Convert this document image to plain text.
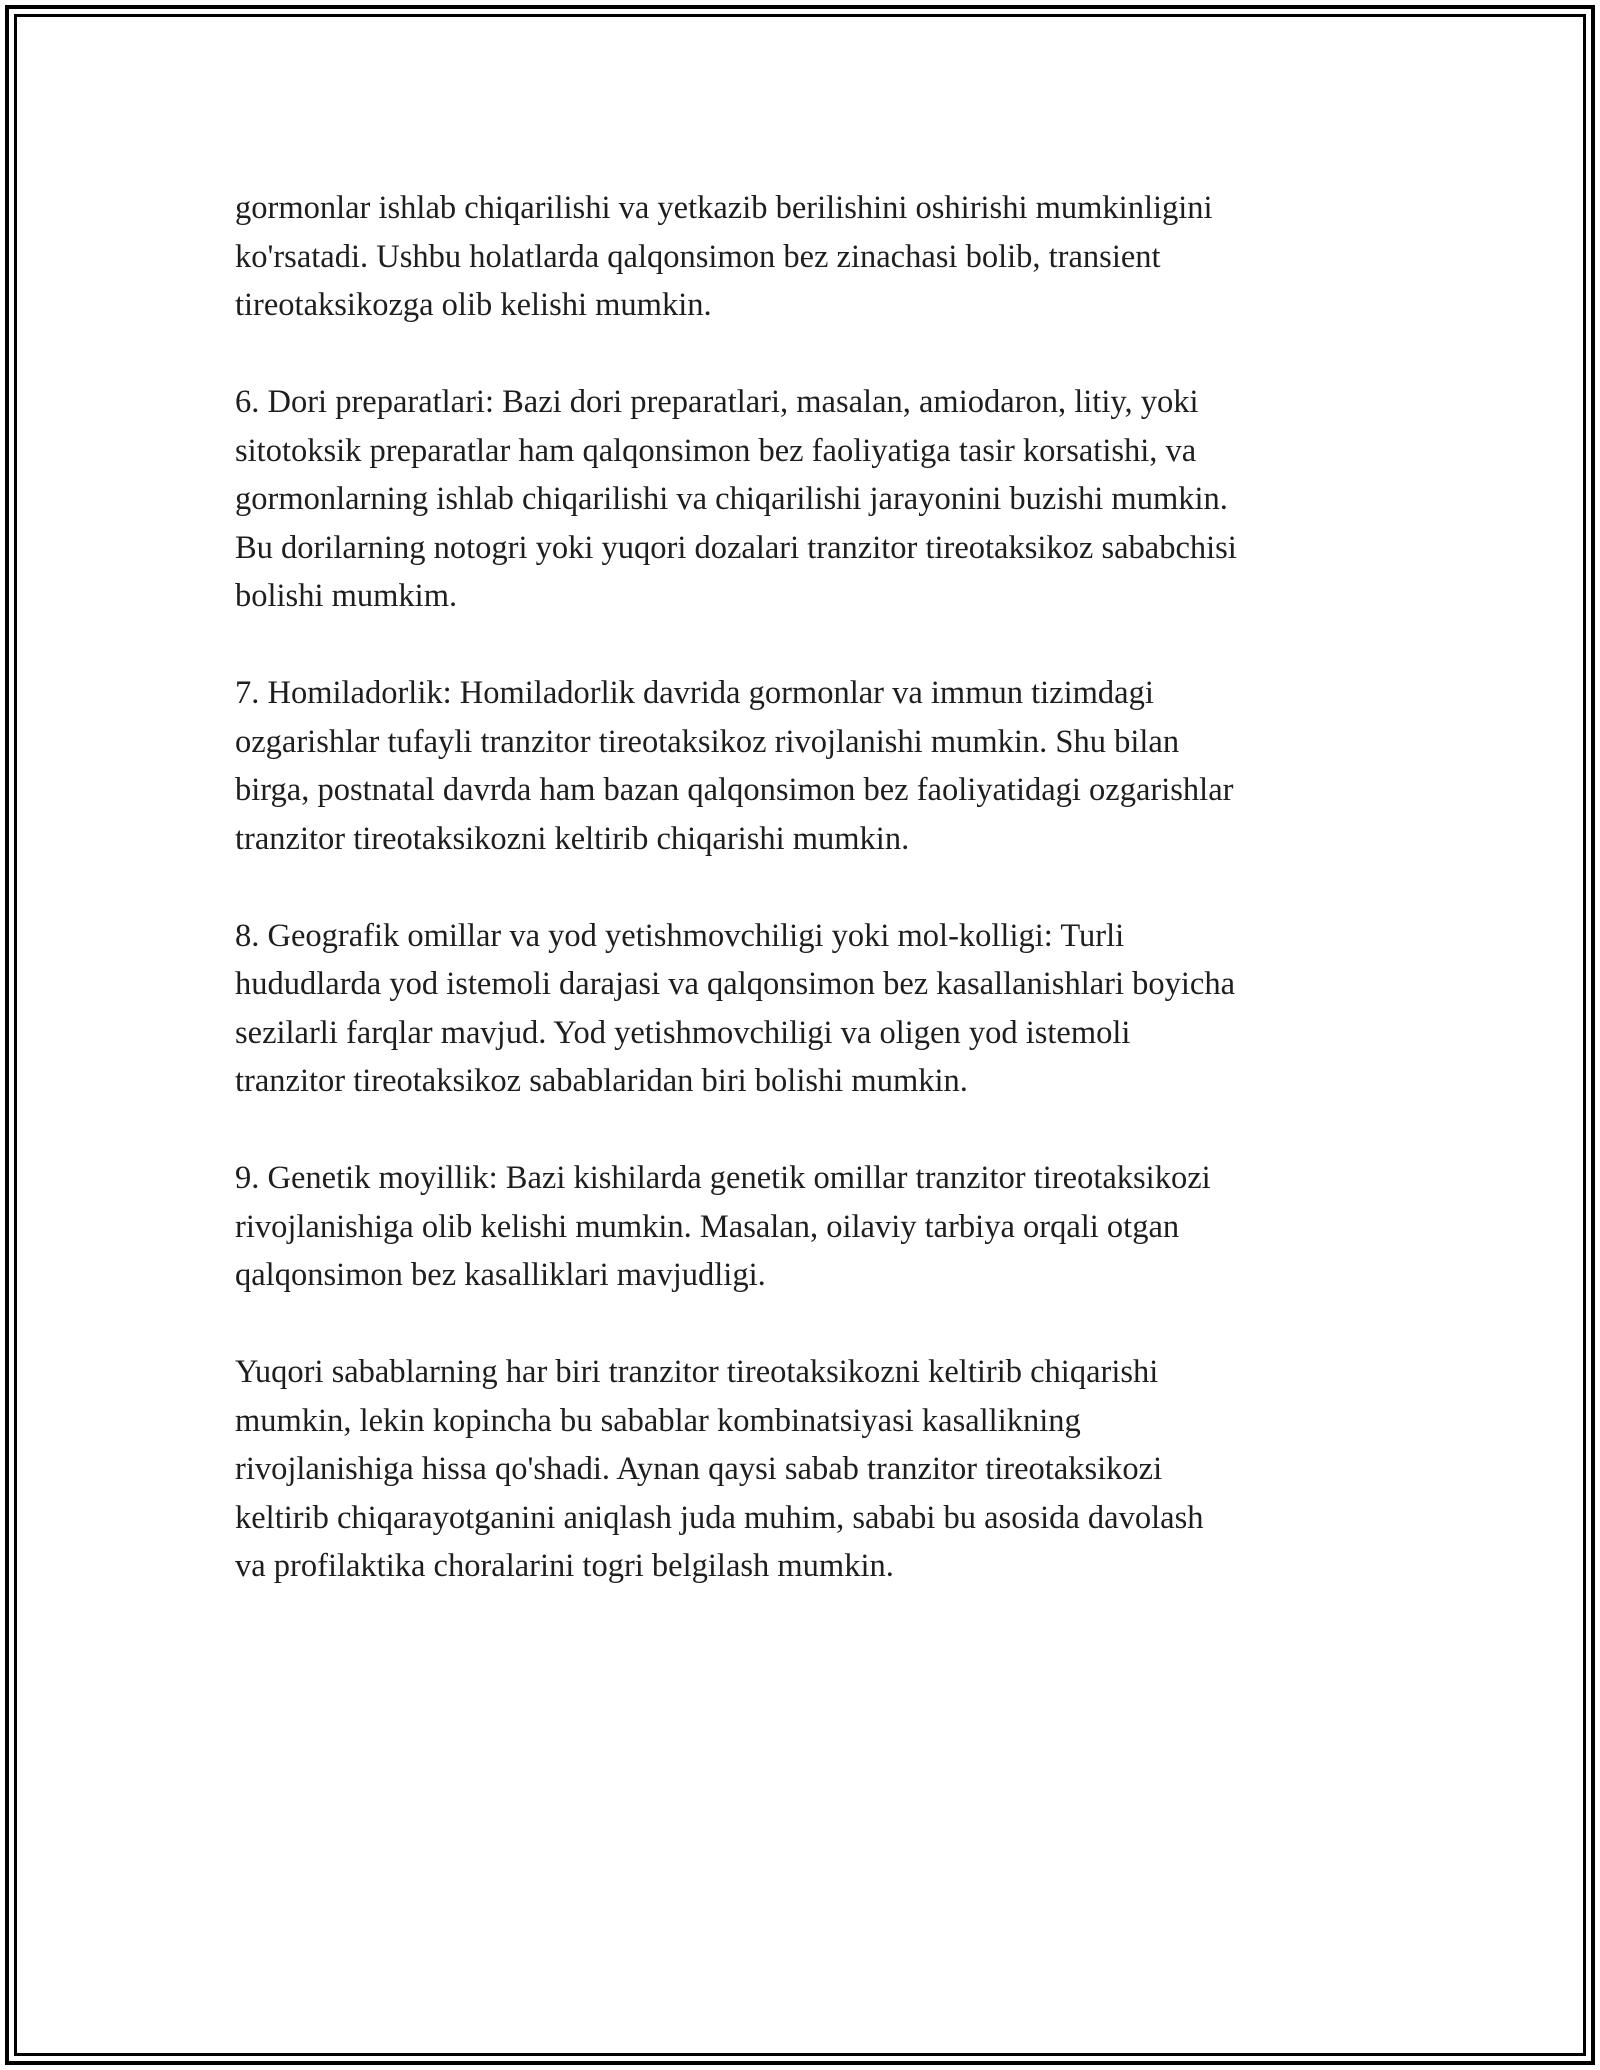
gormonlar ishlab chiqarilishi va yetkazib berilishini oshirishi mumkinligini
ko'rsatadi. Ushbu holatlarda qalqonsimon bez zinachasi bolib, transient
tireotaksikozga olib kelishi mumkin.

6. Dori preparatlari: Bazi dori preparatlari, masalan, amiodaron, litiy, yoki
sitotoksik preparatlar ham qalqonsimon bez faoliyatiga tasir korsatishi, va
gormonlarning ishlab chiqarilishi va chiqarilishi jarayonini buzishi mumkin.
Bu dorilarning notogri yoki yuqori dozalari tranzitor tireotaksikoz sababchisi
bolishi mumkim.

7. Homiladorlik: Homiladorlik davrida gormonlar va immun tizimdagi
ozgarishlar tufayli tranzitor tireotaksikoz rivojlanishi mumkin. Shu bilan
birga, postnatal davrda ham bazan qalqonsimon bez faoliyatidagi ozgarishlar
tranzitor tireotaksikozni keltirib chiqarishi mumkin.

8. Geografik omillar va yod yetishmovchiligi yoki mol-kolligi: Turli
hududlarda yod istemoli darajasi va qalqonsimon bez kasallanishlari boyicha
sezilarli farqlar mavjud. Yod yetishmovchiligi va oligen yod istemoli
tranzitor tireotaksikoz sabablaridan biri bolishi mumkin.

9. Genetik moyillik: Bazi kishilarda genetik omillar tranzitor tireotaksikozi
rivojlanishiga olib kelishi mumkin. Masalan, oilaviy tarbiya orqali otgan
qalqonsimon bez kasalliklari mavjudligi.

Yuqori sabablarning har biri tranzitor tireotaksikozni keltirib chiqarishi
mumkin, lekin kopincha bu sabablar kombinatsiyasi kasallikning
rivojlanishiga hissa qo'shadi. Aynan qaysi sabab tranzitor tireotaksikozi
keltirib chiqarayotganini aniqlash juda muhim, sababi bu asosida davolash
va profilaktika choralarini togri belgilash mumkin.
